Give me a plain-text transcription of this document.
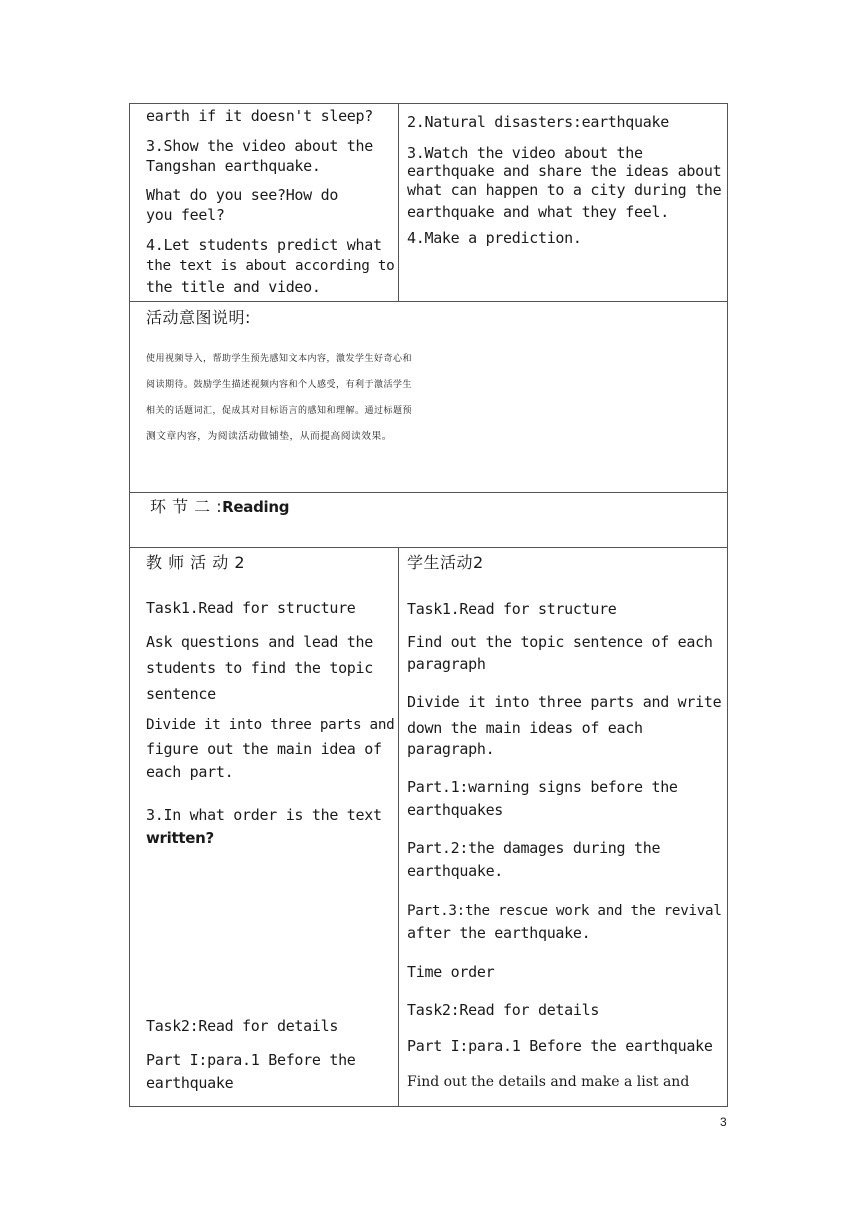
earth if it doesn't sleep?
3.Show the video about the
Tangshan earthquake.
What do you see?How do
you feel?
4.Let students predict what
the text is about according to
the title and video.
2.Natural disasters:earthquake
3.Watch the video about the
earthquake and share the ideas about
what can happen to a city during the
earthquake and what they feel.
4.Make a prediction.
活动意图说明:
使用视频导入，帮助学生预先感知文本内容，激发学生好奇心和
阅读期待。鼓励学生描述视频内容和个人感受，有利于激活学生
相关的话题词汇，促成其对目标语言的感知和理解。通过标题预
测文章内容，为阅读活动做铺垫，从而提高阅读效果。
环 节 二 :Reading
教 师 活 动 2
Task1.Read for structure
Ask questions and lead the
students to find the topic
sentence
Divide it into three parts and
figure out the main idea of
each part.
3.In what order is the text
written?
Task2:Read for details
Part I:para.1 Before the
earthquake
学生活动2
Task1.Read for structure
Find out the topic sentence of each
paragraph
Divide it into three parts and write
down the main ideas of each
paragraph.
Part.1:warning signs before the
earthquakes
Part.2:the damages during the
earthquake.
Part.3:the rescue work and the revival
after the earthquake.
Time order
Task2:Read for details
Part I:para.1 Before the earthquake
Find out the details and make a list and
3
